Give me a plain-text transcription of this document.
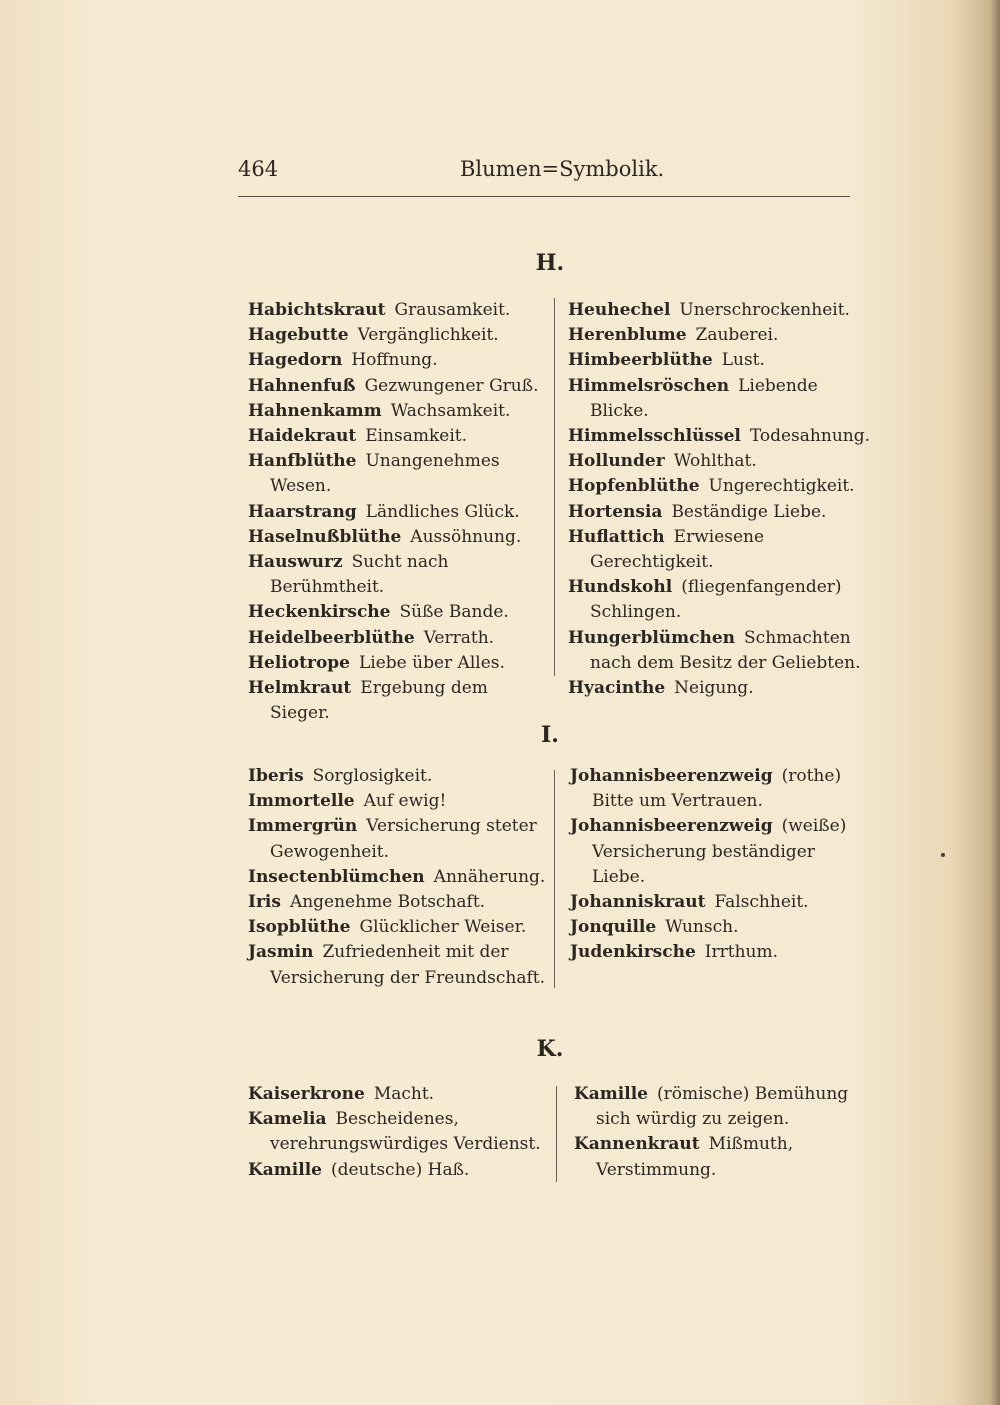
464	Blumen=Symbolik.
H.
Habichtskraut Grausamkeit.
Hagebutte Vergänglichkeit.
Hagedorn Hoffnung.
Hahnenfuß Gezwungener Gruß.
Hahnenkamm Wachsamkeit.
Haidekraut Einsamkeit.
Hanfblüthe Unangenehmes Wesen.
Haarstrang Ländliches Glück.
Haselnußblüthe Aussöhnung.
Hauswurz Sucht nach Berühmtheit.
Heckenkirsche Süße Bande.
Heidelbeerblüthe Verrath.
Heliotrope Liebe über Alles.
Helmkraut Ergebung dem Sieger.
Heuhechel Unerschrockenheit.
Herenblume Zauberei.
Himbeerblüthe Lust.
Himmelsröschen Liebende Blicke.
Himmelsschlüssel Todesahnung.
Hollunder Wohlthat.
Hopfenblüthe Ungerechtigkeit.
Hortensia Beständige Liebe.
Huflattich Erwiesene Gerechtigkeit.
Hundskohl (fliegenfangender) Schlingen.
Hungerblümchen Schmachten nach dem Besitz der Geliebten.
Hyacinthe Neigung.
I.
Iberis Sorglosigkeit.
Immortelle Auf ewig!
Immergrün Versicherung steter Gewogenheit.
Insectenblümchen Annäherung.
Iris Angenehme Botschaft.
Isopblüthe Glücklicher Weiser.
Jasmin Zufriedenheit mit der Versicherung der Freundschaft.
Johannisbeerenzweig (rothe) Bitte um Vertrauen.
Johannisbeerenzweig (weiße) Versicherung beständiger Liebe.
Johanniskraut Falschheit.
Jonquille Wunsch.
Judenkirsche Irrthum.
K.
Kaiserkrone Macht.
Kamelia Bescheidenes, verehrungswürdiges Verdienst.
Kamille (deutsche) Haß.
Kamille (römische) Bemühung sich würdig zu zeigen.
Kannenkraut Mißmuth, Verstimmung.
